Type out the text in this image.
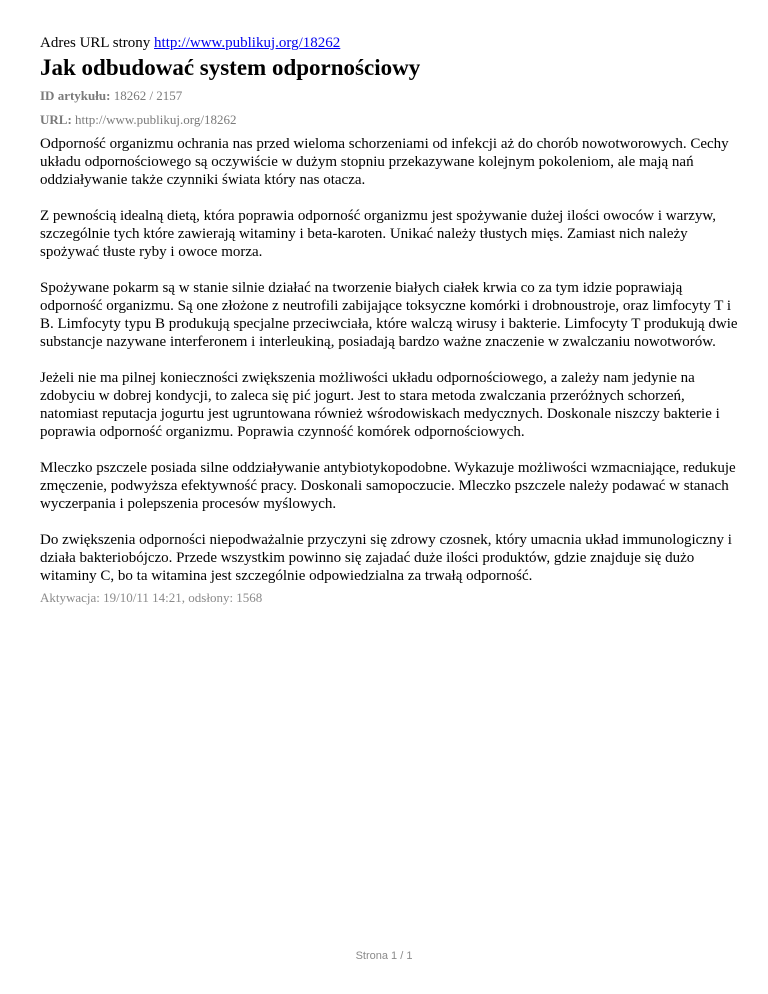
Adres URL strony http://www.publikuj.org/18262

Jak odbudować system odpornościowy
ID artykułu: 18262 / 2157
URL: http://www.publikuj.org/18262

Odporność organizmu ochrania nas przed wieloma schorzeniami od infekcji aż do chorób nowotworowych. Cechy układu odpornościowego są oczywiście w dużym stopniu przekazywane kolejnym pokoleniom, ale mają nań oddziaływanie także czynniki świata który nas otacza.

Z pewnością idealną dietą, która poprawia odporność organizmu jest spożywanie dużej ilości owoców i warzyw, szczególnie tych które zawierają witaminy i beta-karoten. Unikać należy tłustych mięs. Zamiast nich należy spożywać tłuste ryby i owoce morza.

Spożywane pokarm są w stanie silnie działać na tworzenie białych ciałek krwia co za tym idzie poprawiają odporność organizmu. Są one złożone z neutrofili zabijające toksyczne komórki i drobnoustroje, oraz limfocyty T i B. Limfocyty typu B produkują specjalne przeciwciała, które walczą wirusy i bakterie. Limfocyty T produkują dwie substancje nazywane interferonem i interleukiną, posiadają bardzo ważne znaczenie w zwalczaniu nowotworów.

Jeżeli nie ma pilnej konieczności zwiększenia możliwości układu odpornościowego, a zależy nam jedynie na zdobyciu w dobrej kondycji, to zaleca się pić jogurt. Jest to stara metoda zwalczania przeróżnych schorzeń, natomiast reputacja jogurtu jest ugruntowana również wśrodowiskach medycznych. Doskonale niszczy bakterie i poprawia odporność organizmu. Poprawia czynność komórek odpornościowych.

Mleczko pszczele posiada silne oddziaływanie antybiotykopodobne. Wykazuje możliwości wzmacniające, redukuje zmęczenie, podwyższa efektywność pracy. Doskonali samopoczucie. Mleczko pszczele należy podawać w stanach wyczerpania i polepszenia procesów myślowych.

Do zwiększenia odporności niepodważalnie przyczyni się zdrowy czosnek, który umacnia układ immunologiczny i działa bakteriobójczo. Przede wszystkim powinno się zajadać duże ilości produktów, gdzie znajduje się dużo witaminy C, bo ta witamina jest szczególnie odpowiedzialna za trwałą odporność.

Aktywacja: 19/10/11 14:21, odsłony: 1568
Strona 1 / 1
